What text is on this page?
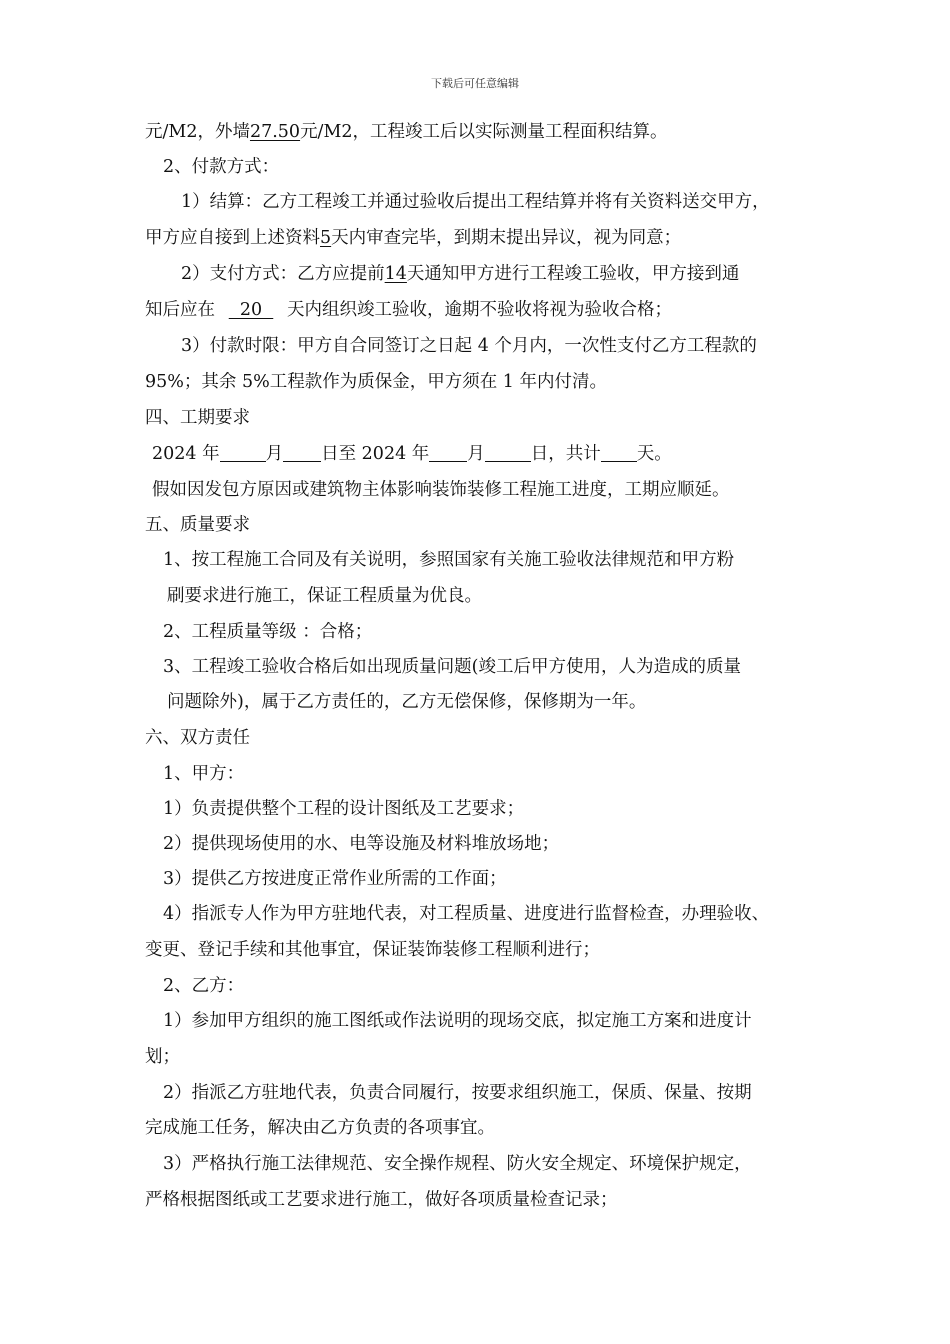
下载后可任意编辑
元/M2，外墙27.50元/M2，工程竣工后以实际测量工程面积结算。
2、付款方式：
1）结算：乙方工程竣工并通过验收后提出工程结算并将有关资料送交甲方，
甲方应自接到上述资料5天内审查完毕，到期末提出异议，视为同意；
2）支付方式：乙方应提前14天通知甲方进行工程竣工验收，甲方接到通
知后应在  20  天内组织竣工验收，逾期不验收将视为验收合格；
3）付款时限：甲方自合同签订之日起 4 个月内，一次性支付乙方工程款的
95%；其余 5%工程款作为质保金，甲方须在 1 年内付清。
四、工期要求
2024 年	月 日至 2024 年 月	日，共计 天。
假如因发包方原因或建筑物主体影响装饰装修工程施工进度，工期应顺延。
五、质量要求
1、按工程施工合同及有关说明，参照国家有关施工验收法律规范和甲方粉
刷要求进行施工，保证工程质量为优良。
2、工程质量等级 ：合格；
3、工程竣工验收合格后如出现质量问题(竣工后甲方使用，人为造成的质量
问题除外)，属于乙方责任的，乙方无偿保修，保修期为一年。
六、双方责任
1、甲方：
1）负责提供整个工程的设计图纸及工艺要求；
2）提供现场使用的水、电等设施及材料堆放场地；
3）提供乙方按进度正常作业所需的工作面；
4）指派专人作为甲方驻地代表，对工程质量、进度进行监督检查，办理验收、
变更、登记手续和其他事宜，保证装饰装修工程顺利进行；
2、乙方：
1）参加甲方组织的施工图纸或作法说明的现场交底，拟定施工方案和进度计
划；
2）指派乙方驻地代表，负责合同履行，按要求组织施工，保质、保量、按期
完成施工任务，解决由乙方负责的各项事宜。
3）严格执行施工法律规范、安全操作规程、防火安全规定、环境保护规定，
严格根据图纸或工艺要求进行施工，做好各项质量检查记录；
